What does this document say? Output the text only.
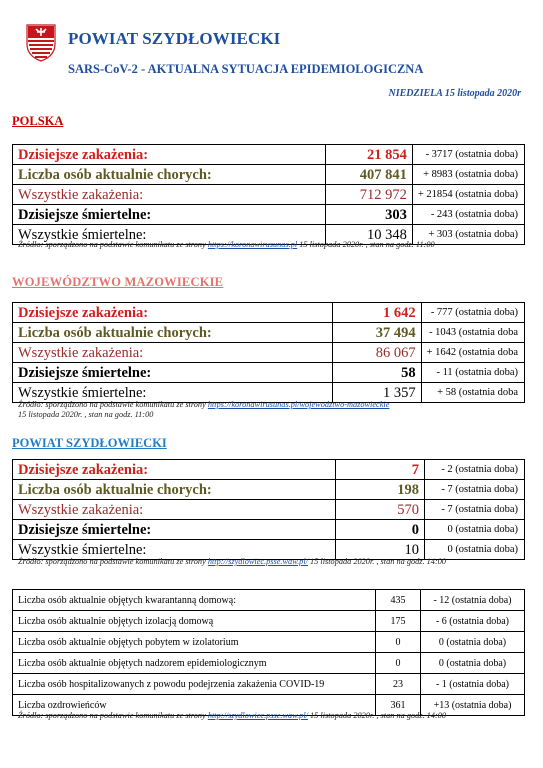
POWIAT SZYDŁOWIECKI
SARS-CoV-2 - AKTUALNA SYTUACJA EPIDEMIOLOGICZNA
NIEDZIELA 15 listopada 2020r
POLSKA
Dzisiejsze zakażenia:	21 854	- 3717 (ostatnia doba)
Liczba osób aktualnie chorych:	407 841	+ 8983 (ostatnia doba)
Wszystkie zakażenia:	712 972	+ 21854 (ostatnia doba)
Dzisiejsze śmiertelne:	303	- 243 (ostatnia doba)
Wszystkie śmiertelne:	10 348	+ 303 (ostatnia doba)
Źródło: sporządzono na podstawie komunikatu ze strony https://koronawirusunas.pl 15 listopada 2020r. , stan na godz. 11:00
WOJEWÓDZTWO MAZOWIECKIE
Dzisiejsze zakażenia:	1 642	- 777 (ostatnia doba)
Liczba osób aktualnie chorych:	37 494	- 1043 (ostatnia doba
Wszystkie zakażenia:	86 067	+ 1642 (ostatnia doba
Dzisiejsze śmiertelne:	58	- 11 (ostatnia doba)
Wszystkie śmiertelne:	1 357	+ 58 (ostatnia doba
Źródło: sporządzono na podstawie komunikatu ze strony https://koronawirusunas.pl/wojewodztwo-mazowieckie
15 listopada 2020r. , stan na godz. 11:00
POWIAT SZYDŁOWIECKI
Dzisiejsze zakażenia:	7	- 2 (ostatnia doba)
Liczba osób aktualnie chorych:	198	- 7 (ostatnia doba)
Wszystkie zakażenia:	570	- 7 (ostatnia doba)
Dzisiejsze śmiertelne:	0	0 (ostatnia doba)
Wszystkie śmiertelne:	10	0 (ostatnia doba)
Źródło: sporządzono na podstawie komunikatu ze strony http://szydlowiec.psse.waw.pl/ 15 listopada 2020r. , stan na godz. 14:00
Liczba osób aktualnie objętych kwarantanną domową:	435	- 12 (ostatnia doba)
Liczba osób aktualnie objętych izolacją domową	175	- 6 (ostatnia doba)
Liczba osób aktualnie objętych pobytem w izolatorium	0	0 (ostatnia doba)
Liczba osób aktualnie objętych nadzorem epidemiologicznym	0	0 (ostatnia doba)
Liczba osób hospitalizowanych z powodu podejrzenia zakażenia COVID-19	23	- 1 (ostatnia doba)
Liczba ozdrowieńców	361	+13 (ostatnia doba)
Źródło: sporządzono na podstawie komunikatu ze strony http://szydlowiec.psse.waw.pl/ 15 listopada 2020r. , stan na godz. 14:00
